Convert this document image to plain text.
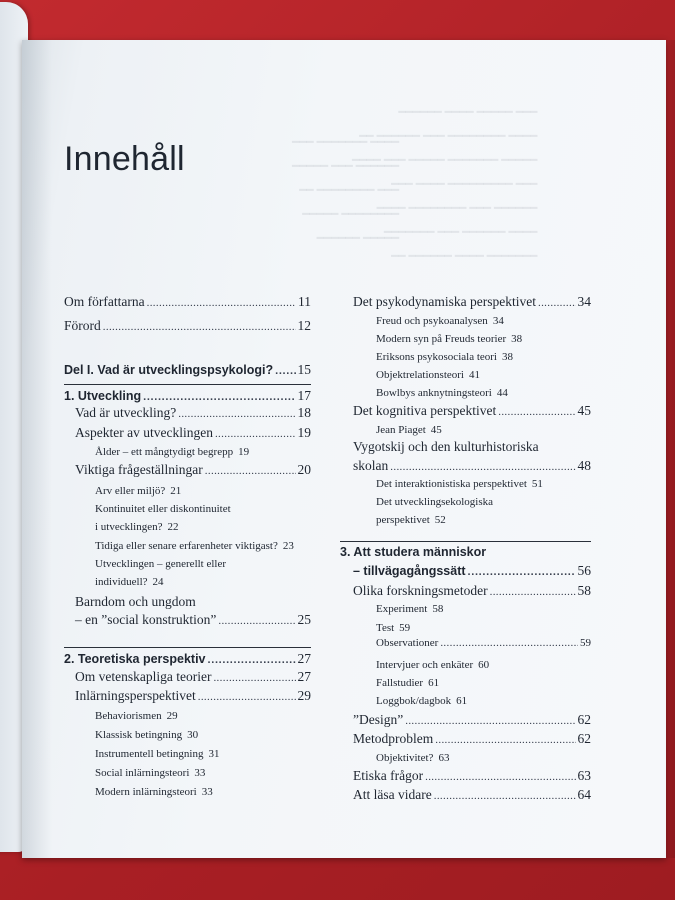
━━━ ━━━━━ ━━━━ ━━━━━━
━━━━ ━━━━━━━━ ━━━ ━━━━━━ ━━
━━━━━ ━━━━━━━ ━━━━━ ━━━ ━━━━
━━━ ━━━━━━━━━ ━━━━ ━━━
━━━━━━ ━━━ ━━━━━━━━ ━━━━
━━━━ ━━━━━━ ━━━ ━━━━━━━
━━━━━━━ ━━━━ ━━━━━━ ━━
━━━━ ━━━━━━━ ━━━
━━━━━━ ━━━ ━━━━━
━━━ ━━━━━━━━ ━━
━━━━━━━━ ━━━━━
━━━━━ ━━━━━━
Innehåll
Om författarna . . .	11
Förord . . .	12
Del I. Vad är utvecklingspsykologi? . . . 15
1. Utveckling . . .	17
Vad är utveckling? . . .	18
Aspekter av utvecklingen . . .	19
Ålder – ett mångtydigt begrepp 19
Viktiga frågeställningar . . .	20
Arv eller miljö? 21
Kontinuitet eller diskontinuitet
i utvecklingen? 22
Tidiga eller senare erfarenheter viktigast? 23
Utvecklingen – generellt eller
individuell? 24
Barndom och ungdom
– en ”social konstruktion” . . .	25
2. Teoretiska perspektiv . . .	27
Om vetenskapliga teorier . . .	27
Inlärningsperspektivet . . .	29
Behaviorismen 29
Klassisk betingning 30
Instrumentell betingning 31
Social inlärningsteori 33
Modern inlärningsteori 33
Det psykodynamiska perspektivet . . .	34
Freud och psykoanalysen 34
Modern syn på Freuds teorier 38
Eriksons psykosociala teori 38
Objektrelationsteori 41
Bowlbys anknytningsteori 44
Det kognitiva perspektivet . . .	45
Jean Piaget 45
Vygotskij och den kulturhistoriska
skolan . . .	48
Det interaktionistiska perspektivet 51
Det utvecklingsekologiska
perspektivet 52
3. Att studera människor
– tillvägagångssätt . . .	56
Olika forskningsmetoder . . .	58
Experiment 58
Test 59
Observationer . . .	59
Intervjuer och enkäter 60
Fallstudier 61
Loggbok/dagbok 61
”Design” . . .	62
Metodproblem . . .	62
Objektivitet? 63
Etiska frågor . . .	63
Att läsa vidare . . .	64
